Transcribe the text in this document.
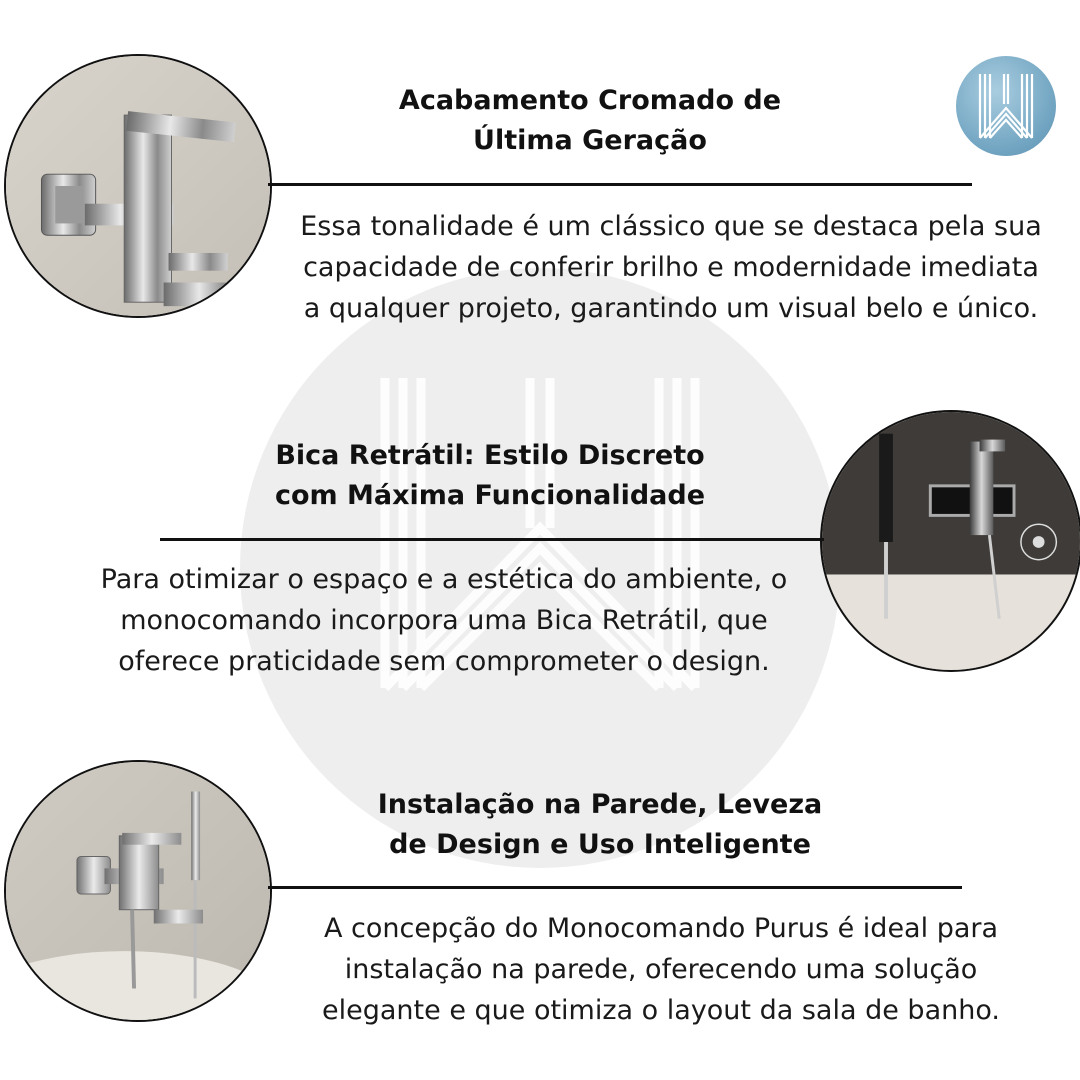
Acabamento Cromado de
Última Geração
Essa tonalidade é um clássico que se destaca pela sua
capacidade de conferir brilho e modernidade imediata
a qualquer projeto, garantindo um visual belo e único.
Bica Retrátil: Estilo Discreto
com Máxima Funcionalidade
Para otimizar o espaço e a estética do ambiente, o
monocomando incorpora uma Bica Retrátil, que
oferece praticidade sem comprometer o design.
Instalação na Parede, Leveza
de Design e Uso Inteligente
A concepção do Monocomando Purus é ideal para
instalação na parede, oferecendo uma solução
elegante e que otimiza o layout da sala de banho.
